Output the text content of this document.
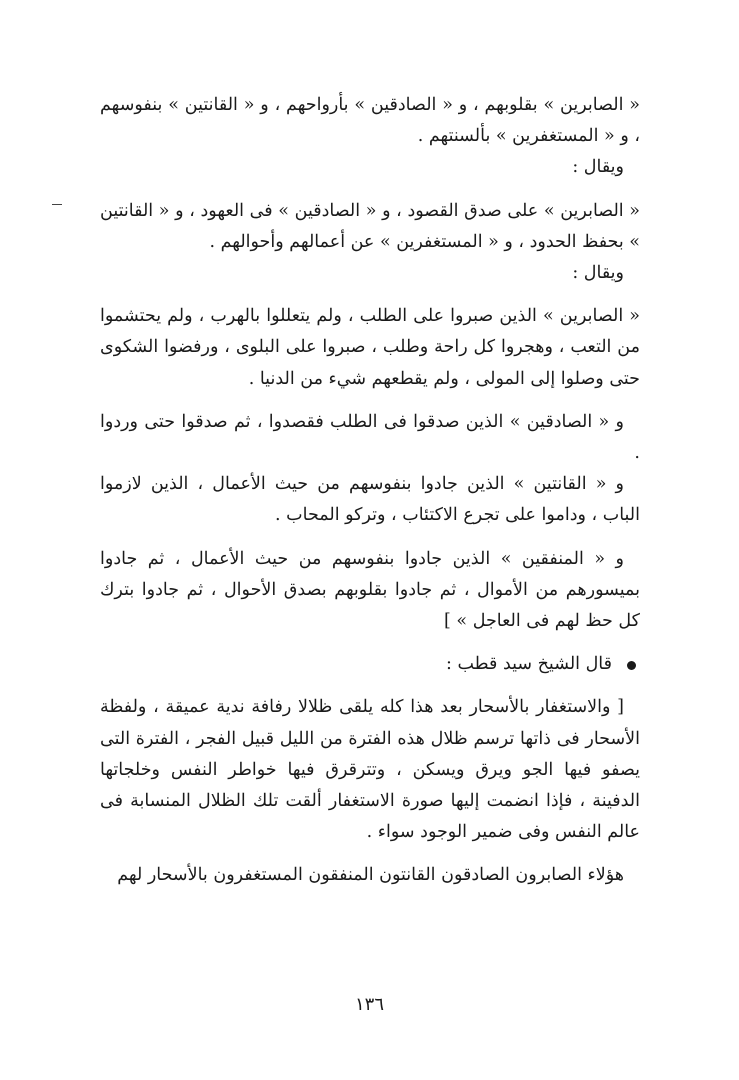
« الصابرين » بقلوبهم ، و « الصادقين » بأرواحهم ، و « القانتين » بنفوسهم ، و « المستغفرين » بألسنتهم .

ويقال :

« الصابرين » على صدق القصود ، و « الصادقين » فى العهود ، و « القانتين » بحفظ الحدود ، و « المستغفرين » عن أعمالهم وأحوالهم .

ويقال :

« الصابرين » الذين صبروا على الطلب ، ولم يتعللوا بالهرب ، ولم يحتشموا من التعب ، وهجروا كل راحة وطلب ، صبروا على البلوى ، ورفضوا الشكوى حتى وصلوا إلى المولى ، ولم يقطعهم شيء من الدنيا .

و « الصادقين » الذين صدقوا فى الطلب فقصدوا ، ثم صدقوا حتى وردوا .

و « القانتين » الذين جادوا بنفوسهم من حيث الأعمال ، الذين لازموا الباب ، وداموا على تجرع الاكتئاب ، وتركو المحاب .

و « المنفقين » الذين جادوا بنفوسهم من حيث الأعمال ، ثم جادوا بميسورهم من الأموال ، ثم جادوا بقلوبهم بصدق الأحوال ، ثم جادوا بترك كل حظ لهم فى العاجل » ]

قال الشيخ سيد قطب :

[ والاستغفار بالأسحار بعد هذا كله يلقى ظلالا رفافة ندية عميقة ، ولفظة الأسحار فى ذاتها ترسم ظلال هذه الفترة من الليل قبيل الفجر ، الفترة التى يصفو فيها الجو ويرق ويسكن ، وتترقرق فيها خواطر النفس وخلجاتها الدفينة ، فإذا انضمت إليها صورة الاستغفار ألقت تلك الظلال المنسابة فى عالم النفس وفى ضمير الوجود سواء .

هؤلاء الصابرون الصادقون القانتون المنفقون المستغفرون بالأسحار لهم

١٣٦
